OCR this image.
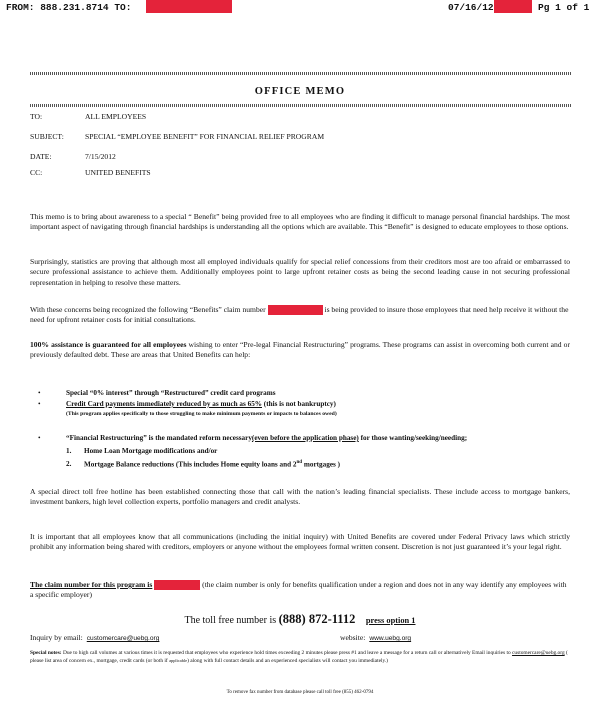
FROM: 888.231.8714 TO:	07/16/12	Pg 1 of 1
OFFICE MEMO
TO:	ALL EMPLOYEES
SUBJECT:	SPECIAL “EMPLOYEE BENEFIT” FOR FINANCIAL RELIEF PROGRAM
DATE:	7/15/2012
CC:	UNITED BENEFITS
This memo is to bring about awareness to a special “ Benefit” being provided free to all employees who are finding it difficult to manage personal financial hardships. The most important aspect of navigating through financial hardships is understanding all the options which are available. This “Benefit” is designed to educate employees to those options.
Surprisingly, statistics are proving that although most all employed individuals qualify for special relief concessions from their creditors most are too afraid or embarrassed to secure professional assistance to achieve them. Additionally employees point to large upfront retainer costs as being the second leading cause in not securing professional representation in helping to resolve these matters.
With these concerns being recognized the following “Benefits” claim number	is being provided to insure those employees that need help receive it without the need for upfront retainer costs for initial consultations.
100% assistance is guaranteed for all employees wishing to enter “Pre-legal Financial Restructuring” programs. These programs can assist in overcoming both current and or previously defaulted debt. These are areas that United Benefits can help:
•	Special “0% interest” through “Restructured” credit card programs
•	Credit Card payments immediately reduced by as much as 65% (this is not bankruptcy)
(This program applies specifically to those struggling to make minimum payments or impacts to balances owed)
•	“Financial Restructuring” is the mandated reform necessary(even before the application phase) for those wanting/seeking/needing;
1. Home Loan Mortgage modifications and/or
2. Mortgage Balance reductions (This includes Home equity loans and 2nd mortgages )
A special direct toll free hotline has been established connecting those that call with the nation’s leading financial specialists. These include access to mortgage bankers, investment bankers, high level collection experts, portfolio managers and credit analysts.
It is important that all employees know that all communications (including the initial inquiry) with United Benefits are covered under Federal Privacy laws which strictly prohibit any information being shared with creditors, employers or anyone without the employees formal written consent. Discretion is not just guaranteed it’s your legal right.
The claim number for this program is	(the claim number is only for benefits qualification under a region and does not in any way identify any employees with a specific employer)
The toll free number is (888) 872-1112 press option 1
Inquiry by email: customercare@uebg.org	website: www.uebg.org
Special notes: Due to high call volumes at various times it is requested that employees who experience hold times exceeding 2 minutes please press #1 and leave a message for a return call or alternatively Email inquiries to customercare@uebg.org ( please list area of concern ex., mortgage, credit cards (or both if applicable) along with full contact details and an experienced specialists will contact you immediately.)
To remove fax number from database please call toll free (855) 462-0794
